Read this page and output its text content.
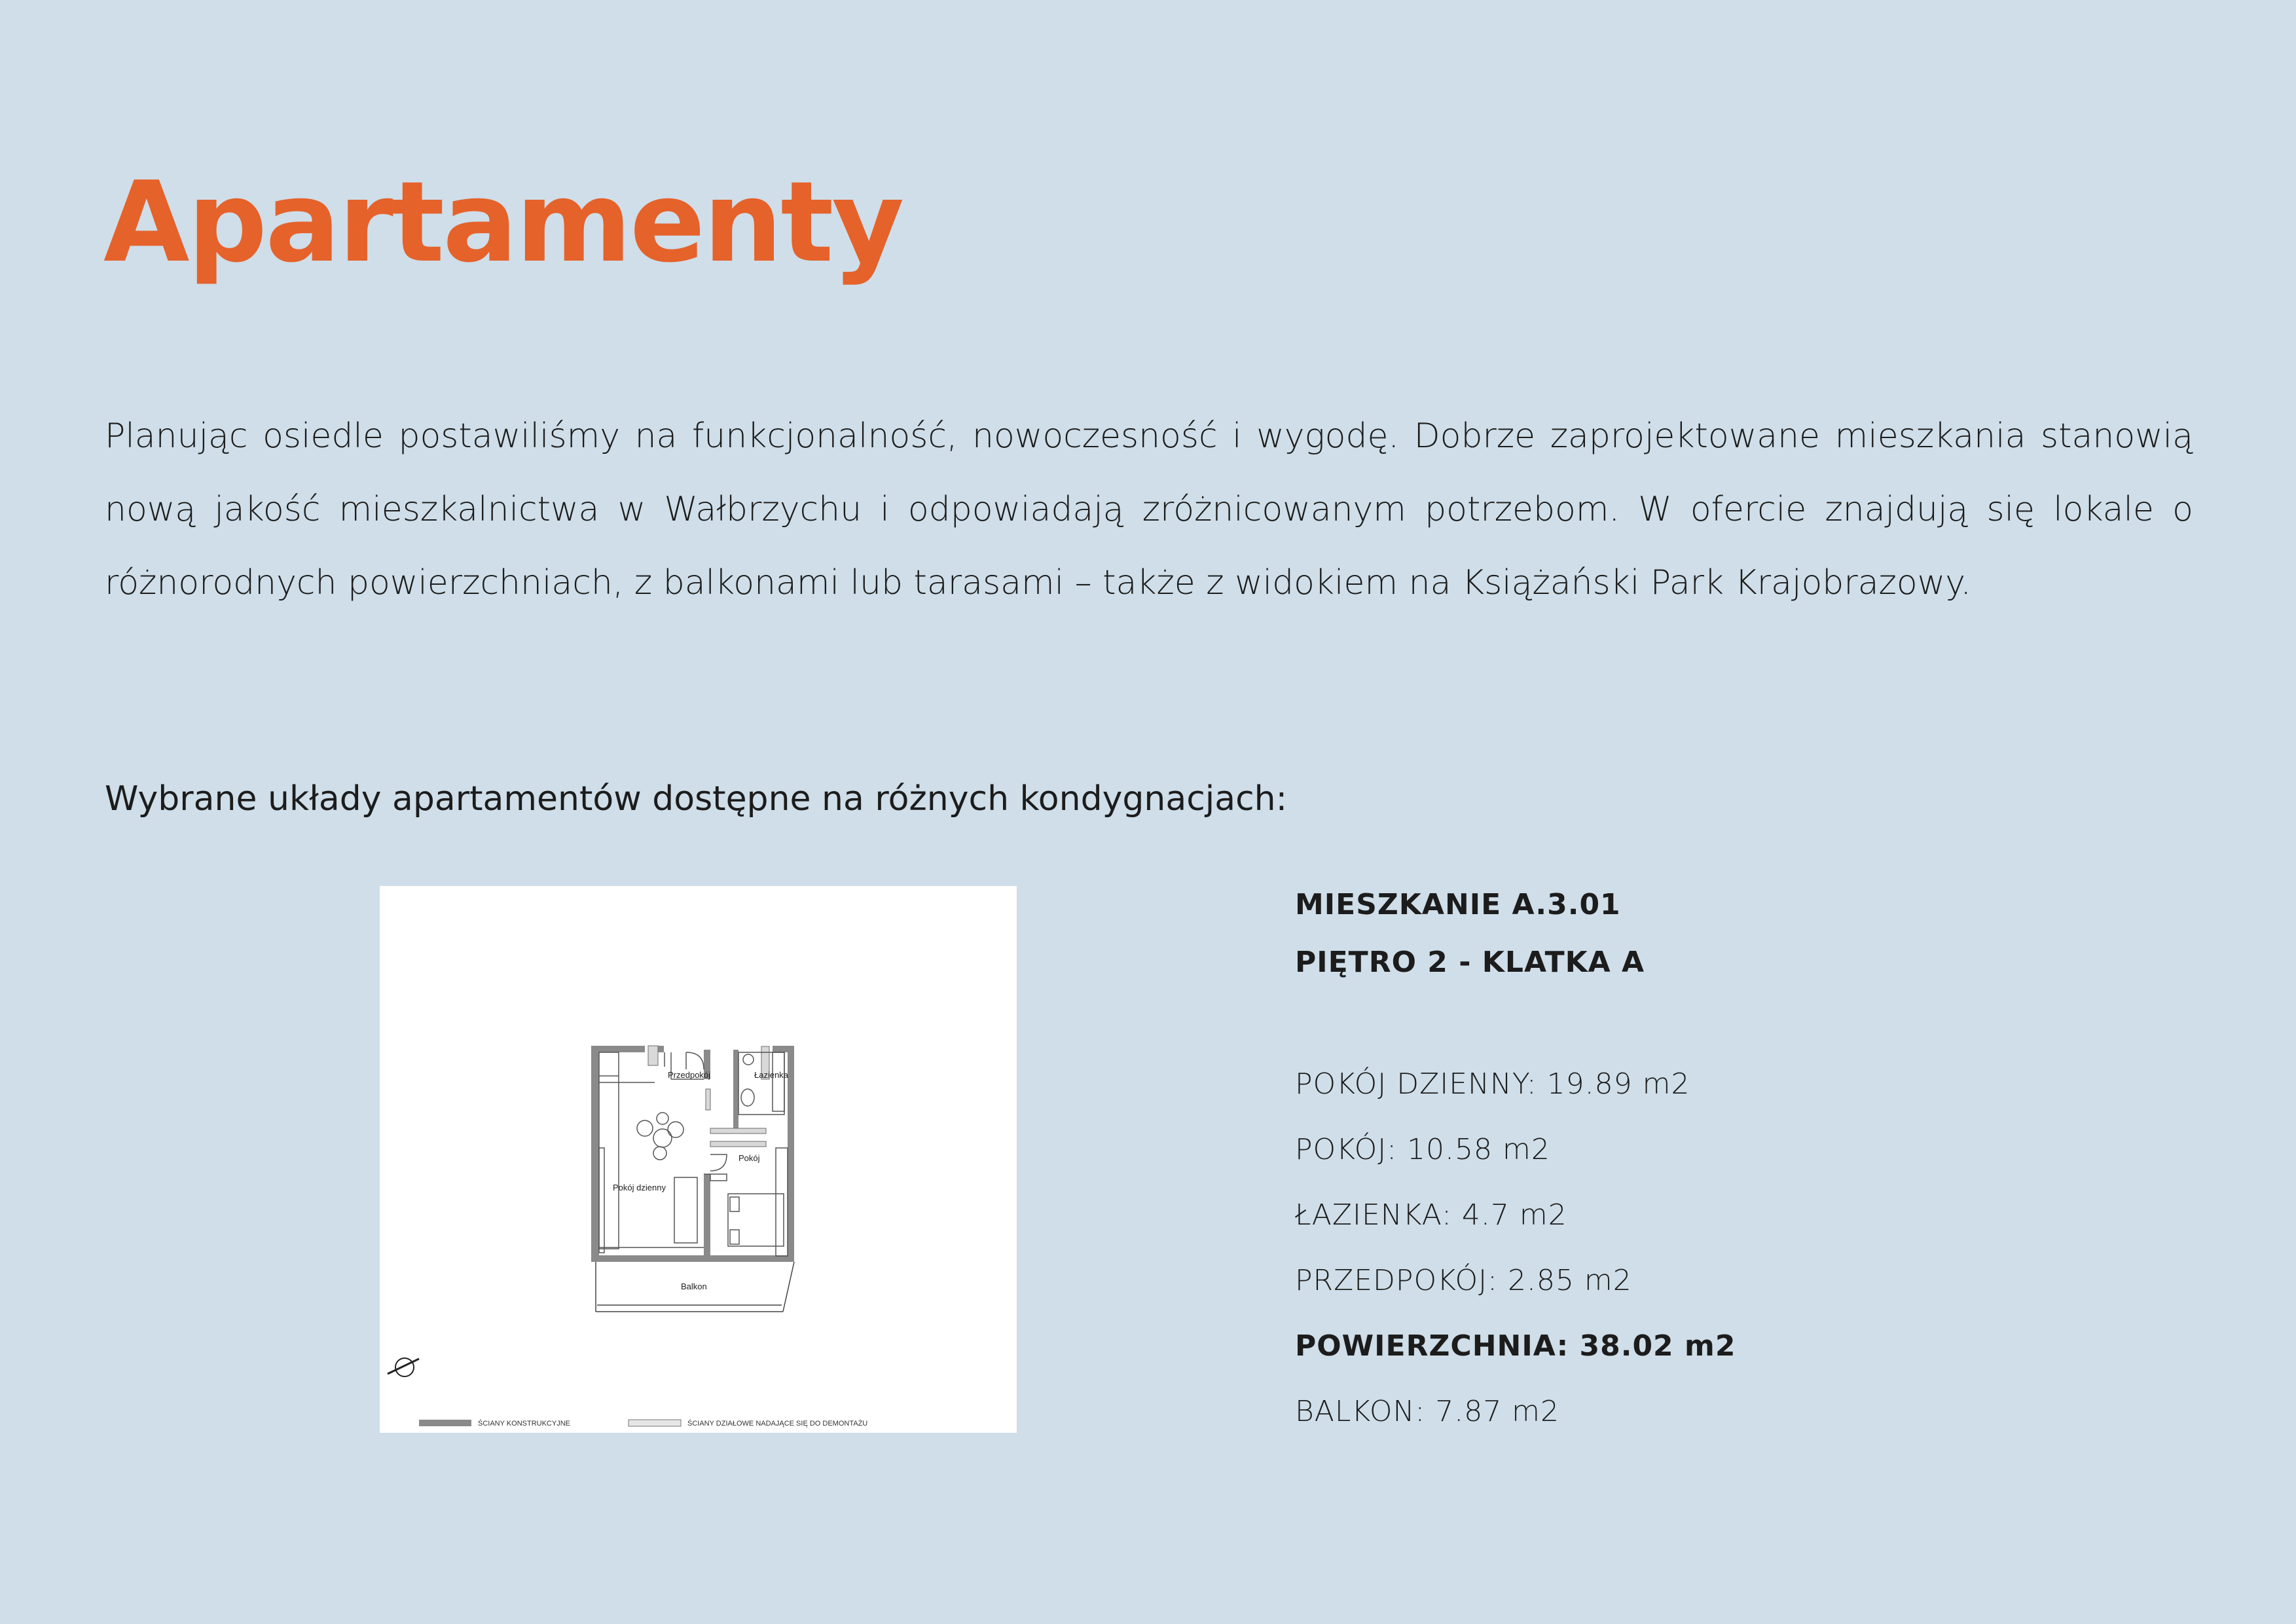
Apartamenty

Planując osiedle postawiliśmy na funkcjonalność, nowoczesność i wygodę. Dobrze zaprojektowane mieszkania stanowią nową jakość mieszkalnictwa w Wałbrzychu i odpowiadają zróżnicowanym potrzebom. W ofercie znajdują się lokale o różnorodnych powierzchniach, z balkonami lub tarasami – także z widokiem na Książański Park Krajobrazowy.

Wybrane układy apartamentów dostępne na różnych kondygnacjach:

Przedpokój	Łazienka
Pokój
Pokój dzienny
Balkon
ŚCIANY KONSTRUKCYJNE	ŚCIANY DZIAŁOWE NADAJĄCE SIĘ DO DEMONTAŻU

MIESZKANIE A.3.01

PIĘTRO 2 - KLATKA A

POKÓJ DZIENNY: 19.89 m2

POKÓJ: 10.58 m2

ŁAZIENKA: 4.7 m2

PRZEDPOKÓJ: 2.85 m2

POWIERZCHNIA: 38.02 m2

BALKON: 7.87 m2
